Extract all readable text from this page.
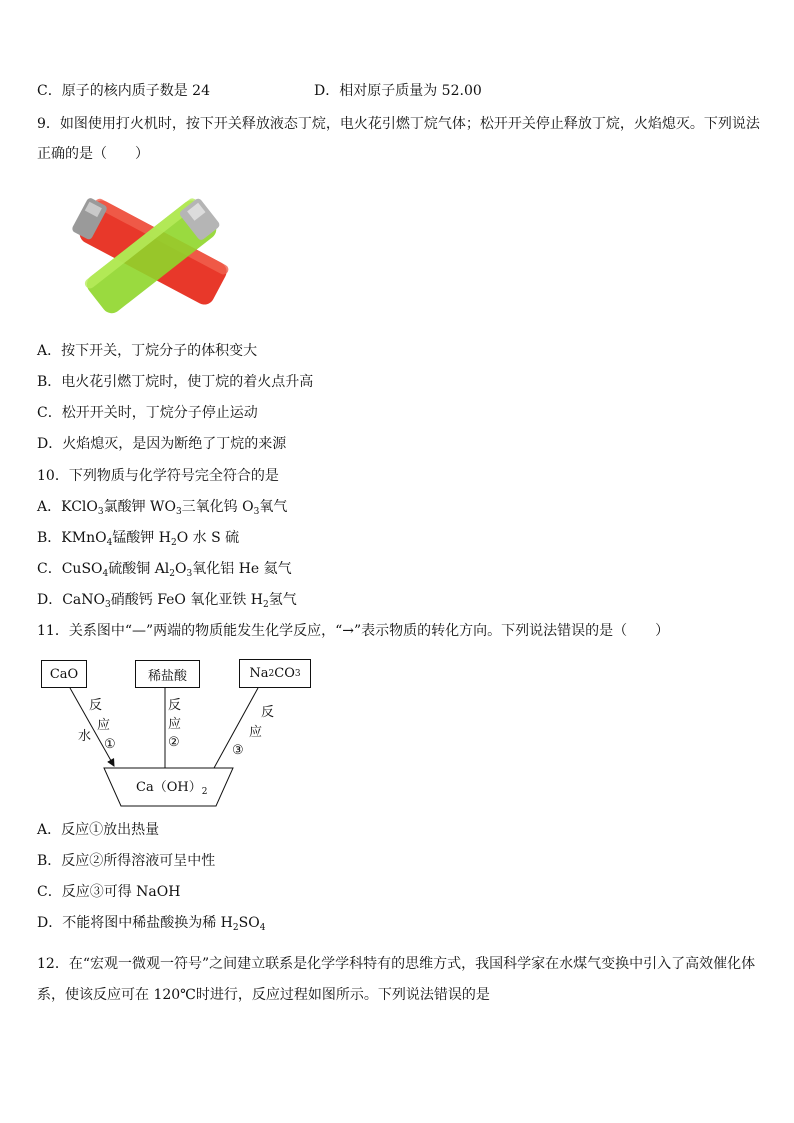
C．原子的核内质子数是 24	D．相对原子质量为 52.00
9．如图使用打火机时，按下开关释放液态丁烷，电火花引燃丁烷气体；松开开关停止释放丁烷，火焰熄灭。下列说法
正确的是（　　）
A．按下开关，丁烷分子的体积变大
B．电火花引燃丁烷时，使丁烷的着火点升高
C．松开开关时，丁烷分子停止运动
D．火焰熄灭，是因为断绝了丁烷的来源
10．下列物质与化学符号完全符合的是
A．KClO$_3$氯酸钾 $WO_3$三氧化钨 $O_3$氧气
B．KMnO$_4$锰酸钾 $H_2O$ 水 S 硫
C．CuSO$_4$硫酸铜 $Al_2O_3$氧化铝 He 氦气
D．CaNO$_3$硝酸钙 FeO 氧化亚铁 $H_2$氢气
11．关系图中“—”两端的物质能发生化学反应，“→”表示物质的转化方向。下列说法错误的是（　　）
CaO	稀盐酸	Na 2 CO 3
反
应
①
水
反
应
②
反
应
③
$Ca(OH)_2$
A．反应①放出热量
B．反应②所得溶液可呈中性
C．反应③可得 NaOH
D．不能将图中稀盐酸换为稀 $H_2SO_4$
12．在“宏观一微观一符号”之间建立联系是化学学科特有的思维方式，我国科学家在水煤气变换中引入了高效催化体
系，使该反应可在 120℃时进行，反应过程如图所示。下列说法错误的是
